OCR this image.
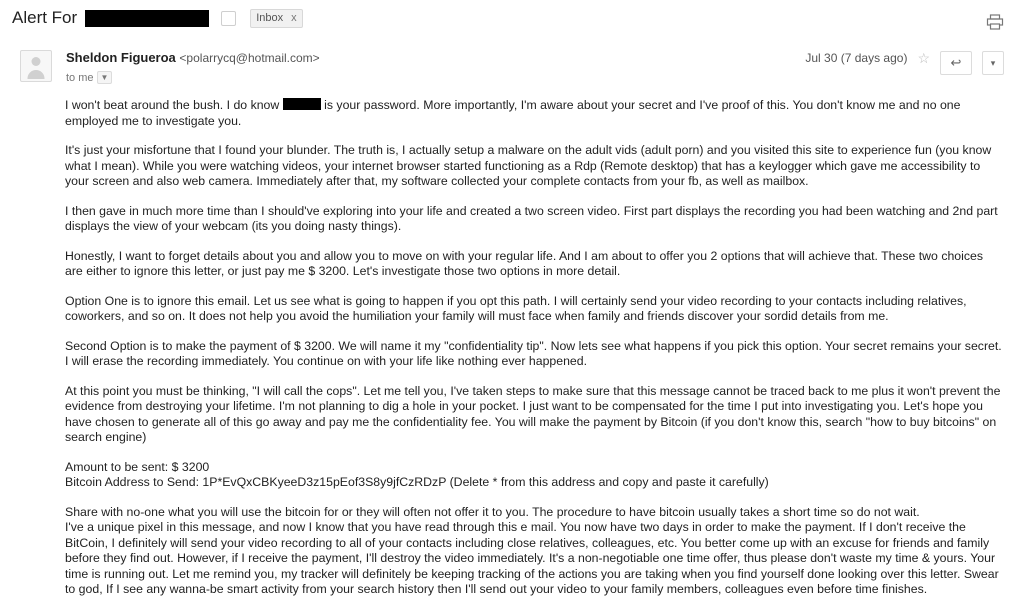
Alert For	Inbox x
Sheldon Figueroa <polarrycq@hotmail.com>
to me ▼
Jul 30 (7 days ago) ☆	↩	▾

I won't beat around the bush. I do know	is your password. More importantly, I'm aware about your secret and I've proof of this. You don't know me and no one employed me to investigate you.

It's just your misfortune that I found your blunder. The truth is, I actually setup a malware on the adult vids (adult porn) and you visited this site to experience fun (you know what I mean). While you were watching videos, your internet browser started functioning as a Rdp (Remote desktop) that has a keylogger which gave me accessibility to your screen and also web camera. Immediately after that, my software collected your complete contacts from your fb, as well as mailbox.

I then gave in much more time than I should've exploring into your life and created a two screen video. First part displays the recording you had been watching and 2nd part displays the view of your webcam (its you doing nasty things).

Honestly, I want to forget details about you and allow you to move on with your regular life. And I am about to offer you 2 options that will achieve that. These two choices are either to ignore this letter, or just pay me $ 3200. Let's investigate those two options in more detail.

Option One is to ignore this email. Let us see what is going to happen if you opt this path. I will certainly send your video recording to your contacts including relatives, coworkers, and so on. It does not help you avoid the humiliation your family will must face when family and friends discover your sordid details from me.

Second Option is to make the payment of $ 3200. We will name it my "confidentiality tip". Now lets see what happens if you pick this option. Your secret remains your secret. I will erase the recording immediately. You continue on with your life like nothing ever happened.

At this point you must be thinking, "I will call the cops". Let me tell you, I've taken steps to make sure that this message cannot be traced back to me plus it won't prevent the evidence from destroying your lifetime. I'm not planning to dig a hole in your pocket. I just want to be compensated for the time I put into investigating you. Let's hope you have chosen to generate all of this go away and pay me the confidentiality fee. You will make the payment by Bitcoin (if you don't know this, search "how to buy bitcoins" on search engine)

Amount to be sent: $ 3200

Bitcoin Address to Send: 1P*EvQxCBKyeeD3z15pEof3S8y9jfCzRDzP (Delete * from this address and copy and paste it carefully)

Share with no-one what you will use the bitcoin for or they will often not offer it to you. The procedure to have bitcoin usually takes a short time so do not wait.

I've a unique pixel in this message, and now I know that you have read through this e mail. You now have two days in order to make the payment. If I don't receive the BitCoin, I definitely will send your video recording to all of your contacts including close relatives, colleagues, etc. You better come up with an excuse for friends and family before they find out. However, if I receive the payment, I'll destroy the video immediately. It's a non-negotiable one time offer, thus please don't waste my time & yours. Your time is running out. Let me remind you, my tracker will definitely be keeping tracking of the actions you are taking when you find yourself done looking over this letter. Swear to god, If I see any wanna-be smart activity from your search history then I'll send out your video to your family members, colleagues even before time finishes.
